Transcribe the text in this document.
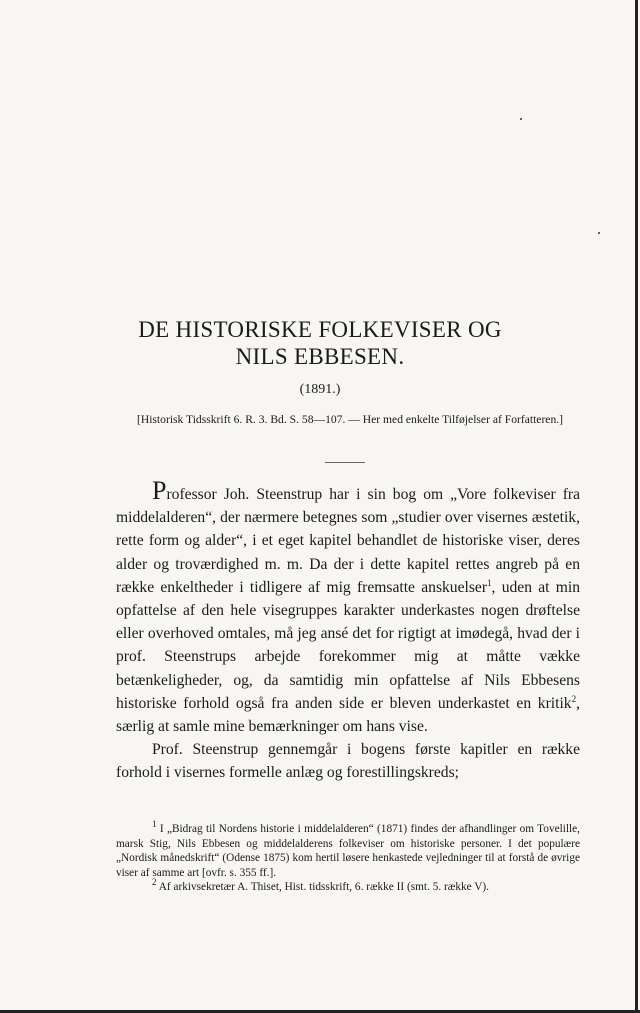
DE HISTORISKE FOLKEVISER OG
NILS EBBESEN.
(1891.)
[Historisk Tidsskrift 6. R. 3. Bd. S. 58—107. — Her med enkelte Tilføjelser af Forfatteren.]

Professor Joh. Steenstrup har i sin bog om „Vore folkeviser fra middelalderen“, der nærmere betegnes som „studier over visernes æstetik, rette form og alder“, i et eget kapitel behandlet de historiske viser, deres alder og troværdighed m. m. Da der i dette kapitel rettes angreb på en række enkeltheder i tidligere af mig fremsatte anskuelser$^1$, uden at min opfattelse af den hele visegruppes karakter underkastes nogen drøftelse eller overhoved omtales, må jeg ansé det for rigtigt at imødegå, hvad der i prof. Steenstrups arbejde forekommer mig at måtte vække betænkeligheder, og, da samtidig min opfattelse af Nils Ebbesens historiske forhold også fra anden side er bleven underkastet en kritik$^2$, særlig at samle mine bemærkninger om hans vise.

Prof. Steenstrup gennemgår i bogens første kapitler en række forhold i visernes formelle anlæg og forestillingskreds;

$^1$ I „Bidrag til Nordens historie i middelalderen“ (1871) findes der afhandlinger om Tovelille, marsk Stig, Nils Ebbesen og middelalderens folkeviser om historiske personer. I det populære „Nordisk månedskrift“ (Odense 1875) kom hertil løsere henkastede vejledninger til at forstå de øvrige viser af samme art [ovfr. s. 355 ff.].

$^2$ Af arkivsekretær A. Thiset, Hist. tidsskrift, 6. række II (smt. 5. række V).
